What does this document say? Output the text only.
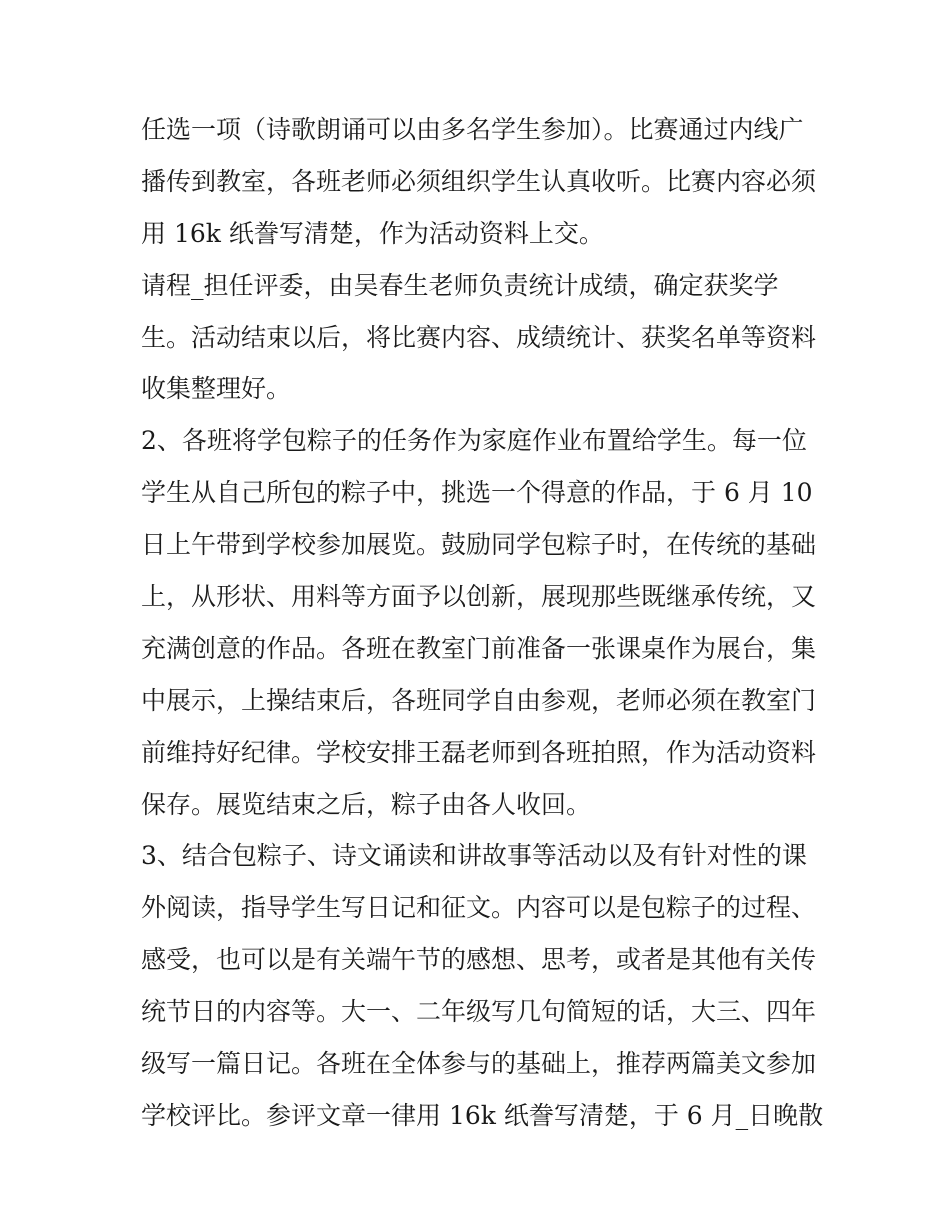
任选一项（诗歌朗诵可以由多名学生参加）。比赛通过内线广
播传到教室，各班老师必须组织学生认真收听。比赛内容必须
用 16k 纸誊写清楚，作为活动资料上交。
请程_担任评委，由吴春生老师负责统计成绩，确定获奖学
生。活动结束以后，将比赛内容、成绩统计、获奖名单等资料
收集整理好。
2、各班将学包粽子的任务作为家庭作业布置给学生。每一位
学生从自己所包的粽子中，挑选一个得意的作品，于 6 月 10
日上午带到学校参加展览。鼓励同学包粽子时，在传统的基础
上，从形状、用料等方面予以创新，展现那些既继承传统，又
充满创意的作品。各班在教室门前准备一张课桌作为展台，集
中展示，上操结束后，各班同学自由参观，老师必须在教室门
前维持好纪律。学校安排王磊老师到各班拍照，作为活动资料
保存。展览结束之后，粽子由各人收回。
3、结合包粽子、诗文诵读和讲故事等活动以及有针对性的课
外阅读，指导学生写日记和征文。内容可以是包粽子的过程、
感受，也可以是有关端午节的感想、思考，或者是其他有关传
统节日的内容等。大一、二年级写几句简短的话，大三、四年
级写一篇日记。各班在全体参与的基础上，推荐两篇美文参加
学校评比。参评文章一律用 16k 纸誊写清楚，于 6 月_日晚散
